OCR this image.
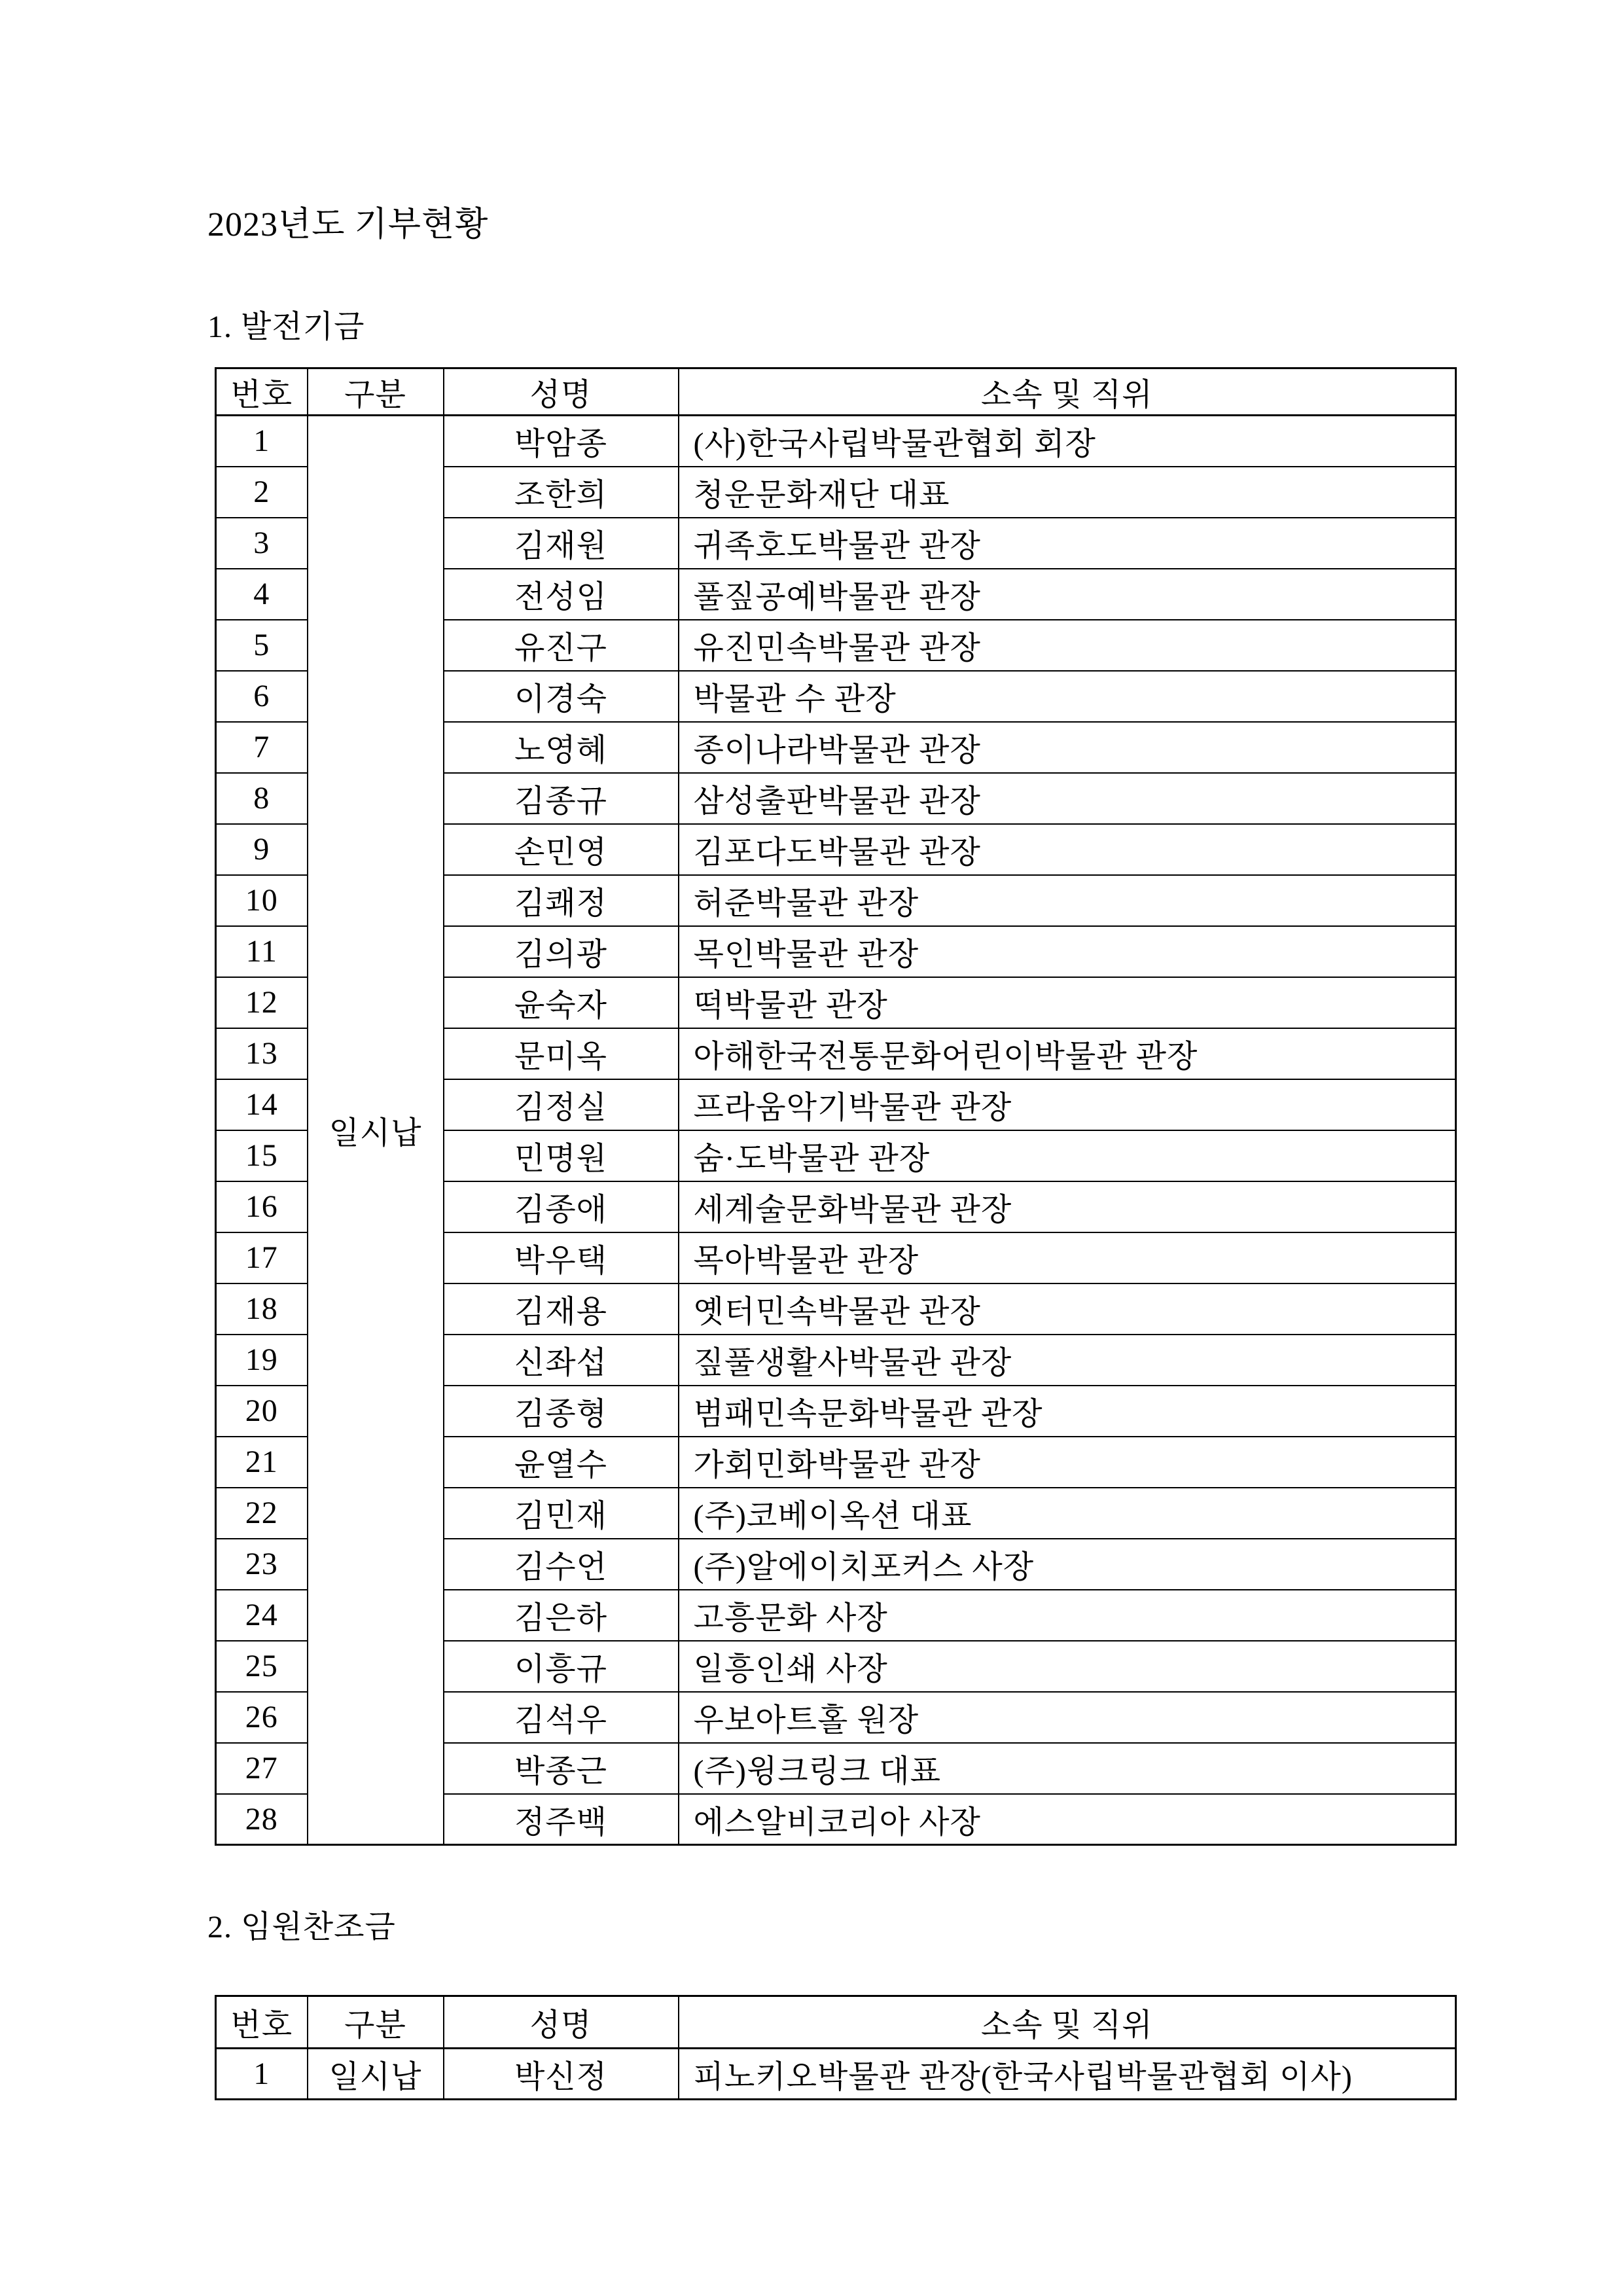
2023년도 기부현황
1. 발전기금
번호	구분	성명	소속 및 직위
1	일시납	박암종	(사)한국사립박물관협회 회장
2		조한희	청운문화재단 대표
3		김재원	귀족호도박물관 관장
4		전성임	풀짚공예박물관 관장
5		유진구	유진민속박물관 관장
6		이경숙	박물관 수 관장
7		노영혜	종이나라박물관 관장
8		김종규	삼성출판박물관 관장
9		손민영	김포다도박물관 관장
10		김쾌정	허준박물관 관장
11		김의광	목인박물관 관장
12		윤숙자	떡박물관 관장
13		문미옥	아해한국전통문화어린이박물관 관장
14		김정실	프라움악기박물관 관장
15		민명원	숨·도박물관 관장
16		김종애	세계술문화박물관 관장
17		박우택	목아박물관 관장
18		김재용	옛터민속박물관 관장
19		신좌섭	짚풀생활사박물관 관장
20		김종형	범패민속문화박물관 관장
21		윤열수	가회민화박물관 관장
22		김민재	(주)코베이옥션 대표
23		김수언	(주)알에이치포커스 사장
24		김은하	고흥문화 사장
25		이흥규	일흥인쇄 사장
26		김석우	우보아트홀 원장
27		박종근	(주)윙크링크 대표
28		정주백	에스알비코리아 사장
2. 임원찬조금
번호	구분	성명	소속 및 직위
1	일시납	박신정	피노키오박물관 관장(한국사립박물관협회 이사)
